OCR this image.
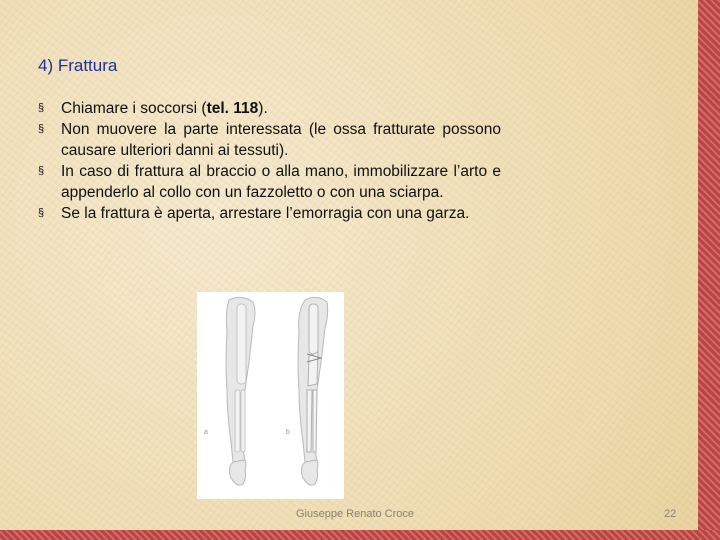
4) Frattura
§ Chiamare i soccorsi (tel. 118).
§ Non muovere la parte interessata (le ossa fratturate possono causare ulteriori danni ai tessuti).
§ In caso di frattura al braccio o alla mano, immobilizzare l’arto e appenderlo al collo con un fazzoletto o con una sciarpa.
§ Se la frattura è aperta, arrestare l’emorragia con una garza.
a	b
Giuseppe Renato Croce	22
